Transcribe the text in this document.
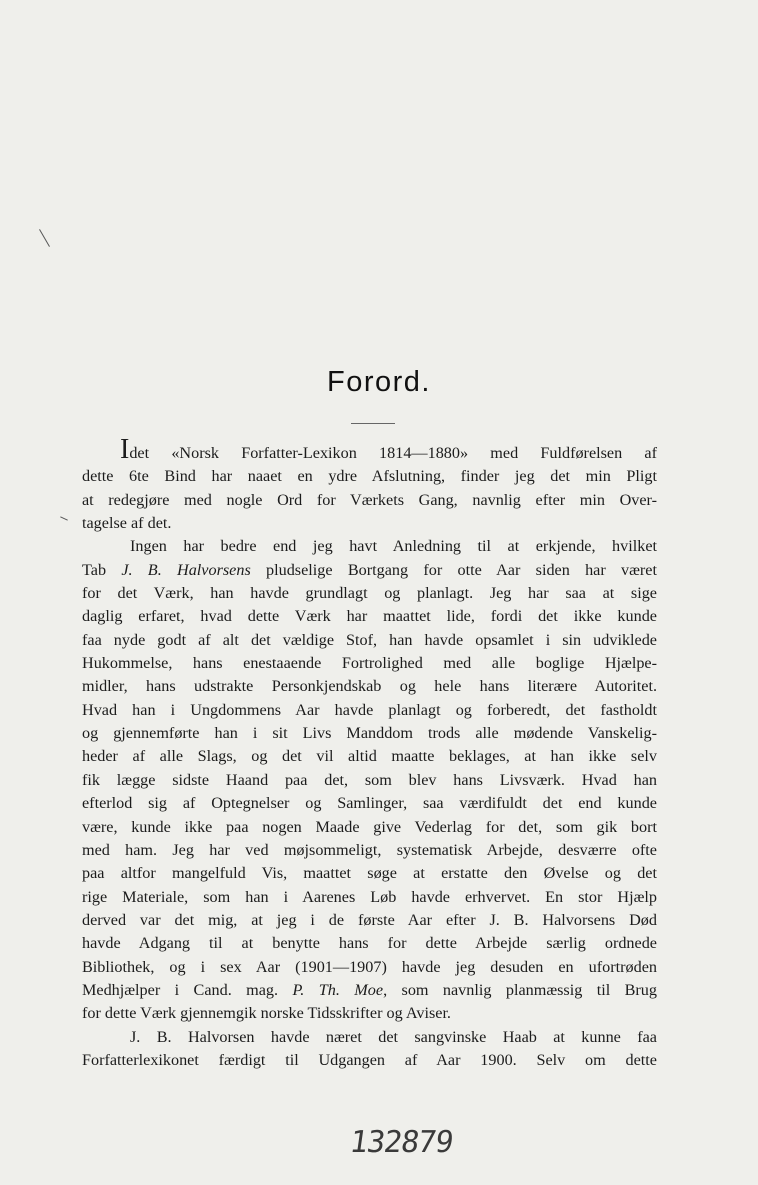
Forord.
Idet «Norsk Forfatter-Lexikon 1814—1880» med Fuldførelsen af
dette 6te Bind har naaet en ydre Afslutning, finder jeg det min Pligt
at redegjøre med nogle Ord for Værkets Gang, navnlig efter min Over-
tagelse af det.
Ingen har bedre end jeg havt Anledning til at erkjende, hvilket
Tab J. B. Halvorsens pludselige Bortgang for otte Aar siden har været
for det Værk, han havde grundlagt og planlagt. Jeg har saa at sige
daglig erfaret, hvad dette Værk har maattet lide, fordi det ikke kunde
faa nyde godt af alt det vældige Stof, han havde opsamlet i sin udviklede
Hukommelse, hans enestaaende Fortrolighed med alle boglige Hjælpe-
midler, hans udstrakte Personkjendskab og hele hans literære Autoritet.
Hvad han i Ungdommens Aar havde planlagt og forberedt, det fastholdt
og gjennemførte han i sit Livs Manddom trods alle mødende Vanskelig-
heder af alle Slags, og det vil altid maatte beklages, at han ikke selv
fik lægge sidste Haand paa det, som blev hans Livsværk. Hvad han
efterlod sig af Optegnelser og Samlinger, saa værdifuldt det end kunde
være, kunde ikke paa nogen Maade give Vederlag for det, som gik bort
med ham. Jeg har ved møjsommeligt, systematisk Arbejde, desværre ofte
paa altfor mangelfuld Vis, maattet søge at erstatte den Øvelse og det
rige Materiale, som han i Aarenes Løb havde erhvervet. En stor Hjælp
derved var det mig, at jeg i de første Aar efter J. B. Halvorsens Død
havde Adgang til at benytte hans for dette Arbejde særlig ordnede
Bibliothek, og i sex Aar (1901—1907) havde jeg desuden en ufortrøden
Medhjælper i Cand. mag. P. Th. Moe, som navnlig planmæssig til Brug
for dette Værk gjennemgik norske Tidsskrifter og Aviser.
J. B. Halvorsen havde næret det sangvinske Haab at kunne faa
Forfatterlexikonet færdigt til Udgangen af Aar 1900. Selv om dette
132879
